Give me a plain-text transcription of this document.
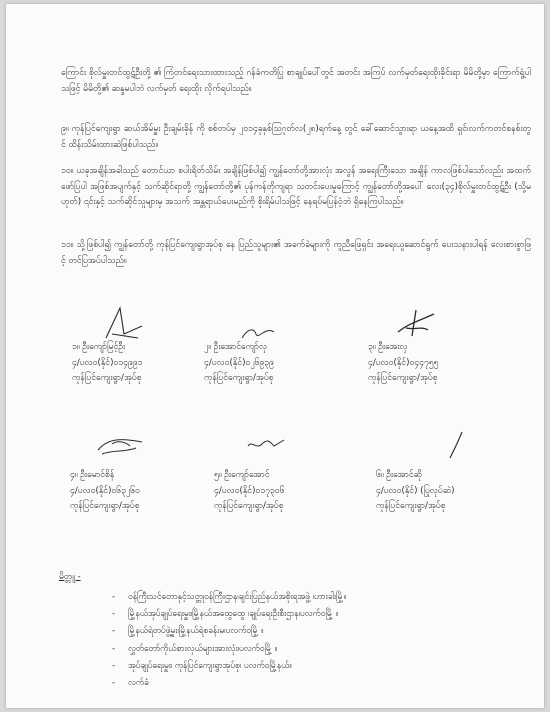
ကြောင်း စိုလ်မှူးတင်ထွဋ်ဦးတို့ ၏ ကြံတင်ရေးသားထားသည့် ဂန်ခံကတိပြု စာချုပ်ပေါ်တွင် အတင်း အကြပ် လက်မှတ်ရေးထိုးခိုင်းရာ မိမိတို့မှာ ကြောက်ရွံ့ပါသဖြင့် မိမိတို့၏ ဆန္ဒမပါဘဲ လက်မှတ် ရေးထိုး လိုက်ရပါသည်။
၉။ ကုန်ပြင်ကျေးရွာ ဆယ်အိမ်မှူး ဦးချမ်းခိုန် ကို စစ်တပ်မှ ၂၀၁၄ခုနှစ်ဩဂုတ်လ(၂၈)ရက်နေ့ တွင် ခေါ်ဆောင်သွားရာ ယနေ့အထိ ရှင်၊လက်ကတင်စနစ်းတွင် ထိန်းသိမ်းထားဆဲဖြစ်ပါသည်။
၁၀။ ယခုအချိန်အခါသည် တောင်ယာ စပါးရိတ်သိမ်း အချိန်ဖြစ်ပါ၍ ကျွန်တော်တို့အားလုံး အလွန် အရေးကြီးသော အချိန် ကာလဖြစ်ပါသော်လည်း အထက်ဖော်ပြပါ အဖြစ်အပျက်နှင့် သက်ဆိုင်ရာတို့ ကျွန်တော်တို့၏ ပုန်ကန်တိုကျရာ သတင်းပေးမှုကြောင့် ကျွန်တော်တို့အပေါ် လေး(၃၄)စိုလ်မှူးတင်ထွဋ်ဦး (သို့မဟုတ်) ၎င်းနှင့် သက်ဆိုင်သူများမှ အသက် အန္တရာယ်ပေးမည်ကို စိုးရိမ်ပါသဖြင့် နေရပ်မပြန်ဝံ့ဘဲ ရှိနေကြပါသည်။
၁၁။ သို့ဖြစ်ပါ၍ ကျွန်တော်တို့ ကုန်ပြင်ကျေးရွာအုပ်စု နေ ပြည်သူများ၏ အခက်ခဲများကို ကူညီဖြေရှင်း အရေးယူဆောင်ရွက် ပေးသနားပါရန် လေးစားစွာဖြင့် တင်ပြအပ်ပါသည်။
၁။ ဦးကျော်မြင့်ဦး
၄/ပလဝ(နိုင်)၀၁၄၉၉၁
ကုန်ပြင်ကျေးရွာ/အုပ်စု
၂။ ဦးအောင်ကျော်လှ
၄/ပလဝ(နိုင်)၀၂၆၉၃၉
ကုန်ပြင်ကျေးရွာ/အုပ်စု
၃။ ဦးအေးလှ
၄/ပလဝ(နိုင်)၀၄၄၇၅၅
ကုန်ပြင်ကျေးရွာ/အုပ်စု
၄။ ဦးမောင်စိန်
၄/ပလဝ(နိုင်)၀၆၃၂၆၀
ကုန်ပြင်ကျေးရွာ/အုပ်စု
၅။ ဦးကျော်အောင်
၄/ပလဝ(နိုင်)၀၁၇၃၀၆
ကုန်ပြင်ကျေးရွာ/အုပ်စု
၆။ ဦးအောင်ဆို
၄/ပလဝ(နိုင်) (ပြုလုပ်ဆဲ)
ကုန်ပြင်ကျေးရွာ/အုပ်စု
မိတ္တူ -
- ဝန်ကြီးသင်တောနှင့်သတ္တုဝန်ကြီးဌာန၊ချင်းပြည်နယ်အစိုးရအဖွဲ့ ၊ဟားခါးမြို့။
- မြို့နယ်အုပ်ချုပ်ရေးမှူး၊မြို့နယ်အထွေထွေ ၊ချုပ်ရေးဦးစီးဌာန၊ပလက်ဝမြို့ ။
- မြို့နယ်ရဲတပ်ဖွဲ့မှူး၊မြို့နယ်ရဲစခန်းမ၊ပလက်ဝမြို့ ။
- လွှတ်တော်ကိုယ်စားလှယ်များအားလုံး၊ပလက်ဝမြို့ ။
- အုပ်ချုပ်ရေးမှူး၊ ကုန်ပြင်ကျေးရွာအုပ်စု၊ ပလက်ဝမြို့နယ်။
- လက်ခံ
